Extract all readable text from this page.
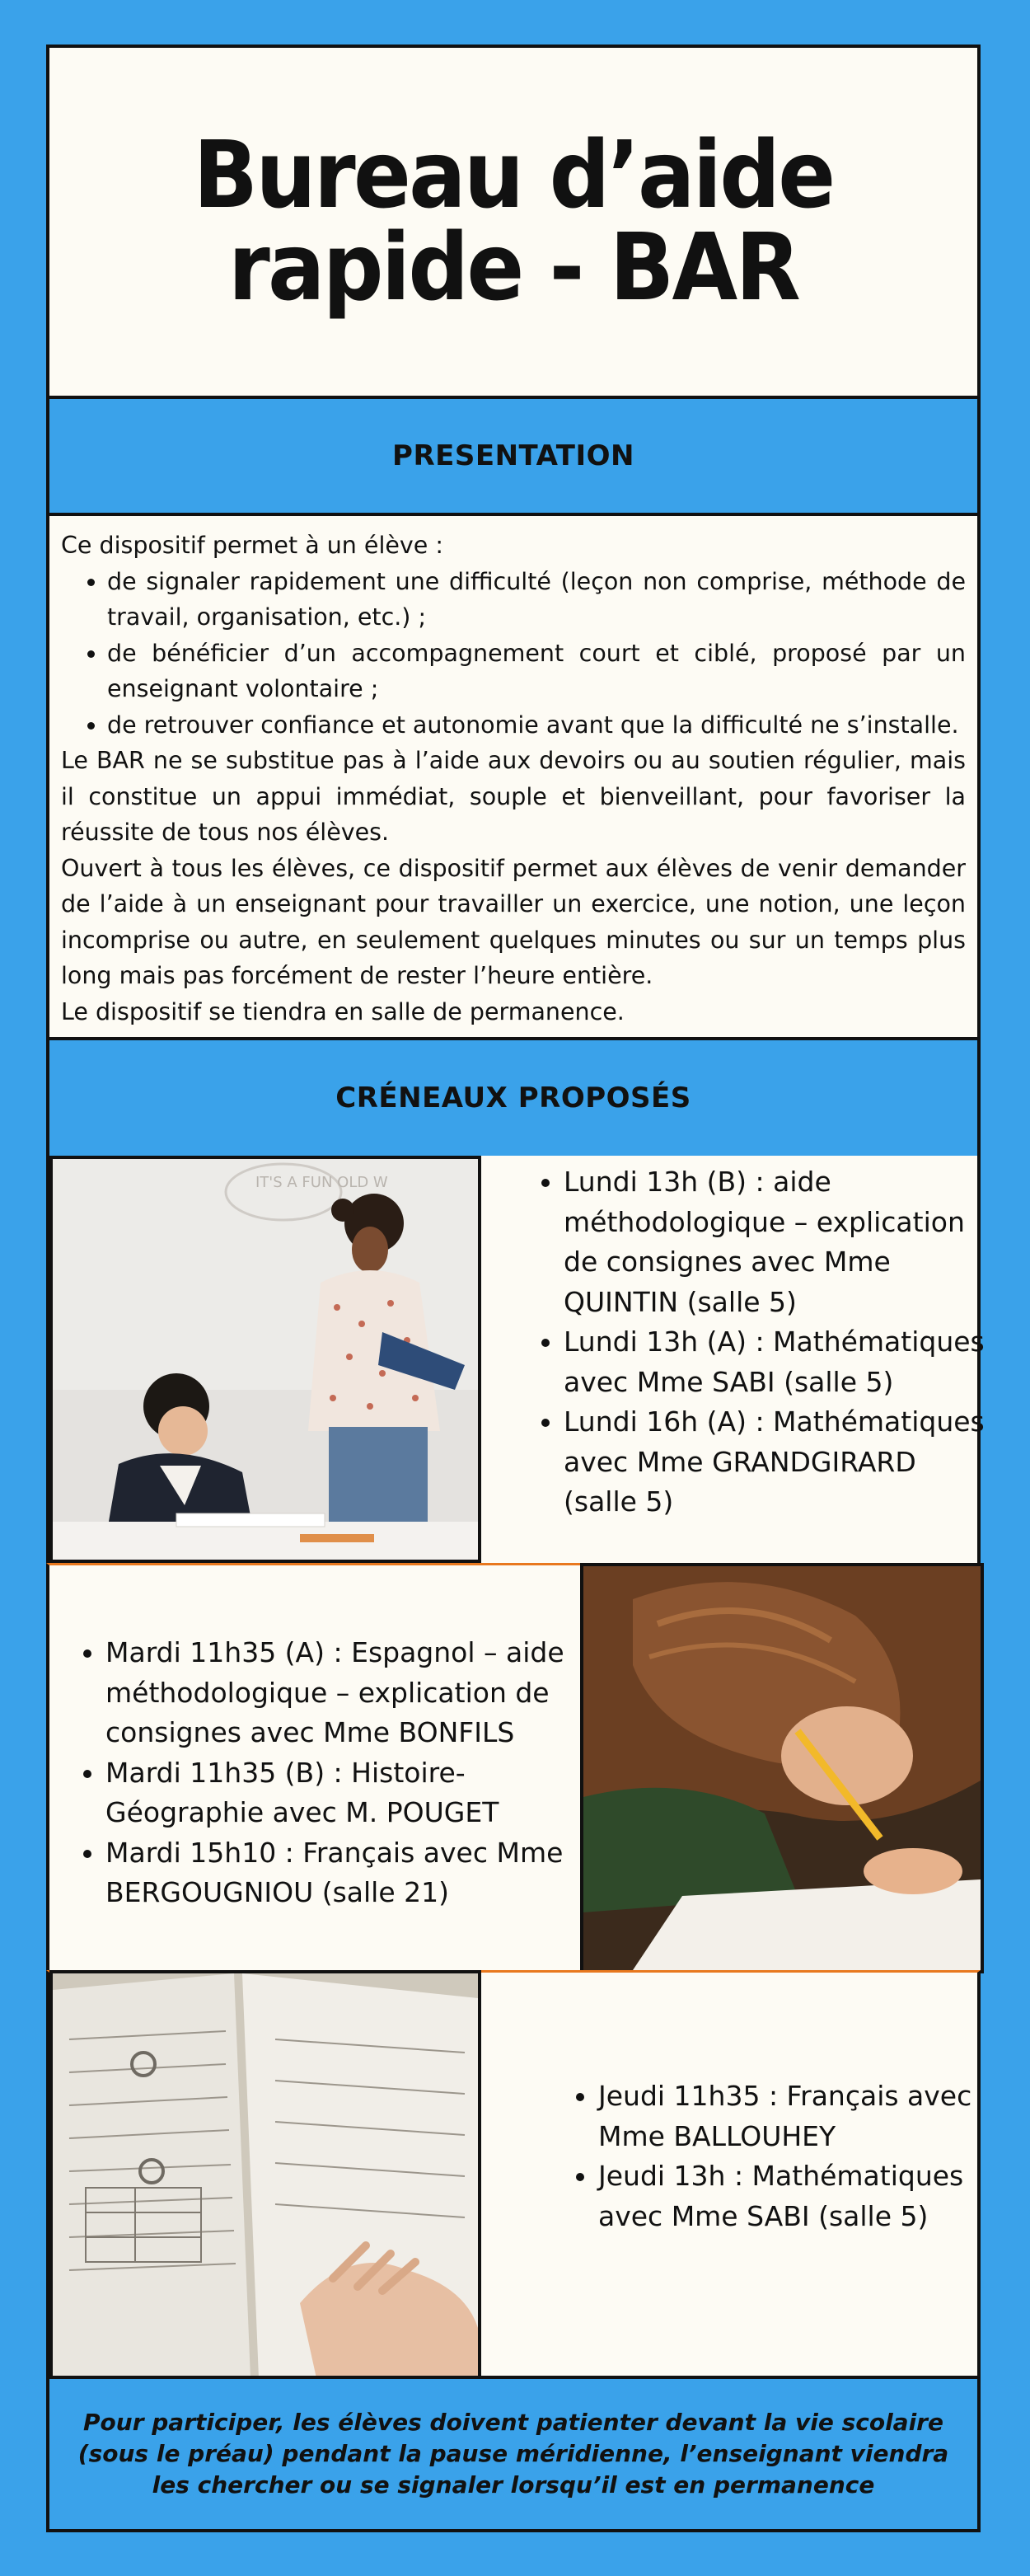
Bureau d’aide rapide - BAR
PRESENTATION

Ce dispositif permet à un élève :

• de signaler rapidement une difficulté (leçon non comprise, méthode de travail, organisation, etc.) ;
• de bénéficier d’un accompagnement court et ciblé, proposé par un enseignant volontaire ;
• de retrouver confiance et autonomie avant que la difficulté ne s’installe.

Le BAR ne se substitue pas à l’aide aux devoirs ou au soutien régulier, mais il constitue un appui immédiat, souple et bienveillant, pour favoriser la réussite de tous nos élèves.

Ouvert à tous les élèves, ce dispositif permet aux élèves de venir demander de l’aide à un enseignant pour travailler un exercice, une notion, une leçon incomprise ou autre, en seulement quelques minutes ou sur un temps plus long mais pas forcément de rester l’heure entière.

Le dispositif se tiendra en salle de permanence.

CRÉNEAUX PROPOSÉS
IT'S A FUN OLD W
•	Lundi 13h (B) : aide méthodologique – explication de consignes avec Mme QUINTIN (salle 5)
• Lundi 13h (A) : Mathématiques avec Mme SABI (salle 5)
• Lundi 16h (A) : Mathématiques avec Mme GRANDGIRARD (salle 5)
• Mardi 11h35 (A) : Espagnol – aide méthodologique – explication de consignes avec Mme BONFILS
• Mardi 11h35 (B) : Histoire-Géographie avec M. POUGET
• Mardi 15h10 : Français avec Mme BERGOUGNIOU (salle 21)
• Jeudi 11h35 : Français avec Mme BALLOUHEY
• Jeudi 13h : Mathématiques avec Mme SABI (salle 5)
Pour participer, les élèves doivent patienter devant la vie scolaire (sous le préau) pendant la pause méridienne, l’enseignant viendra les chercher ou se signaler lorsqu’il est en permanence
